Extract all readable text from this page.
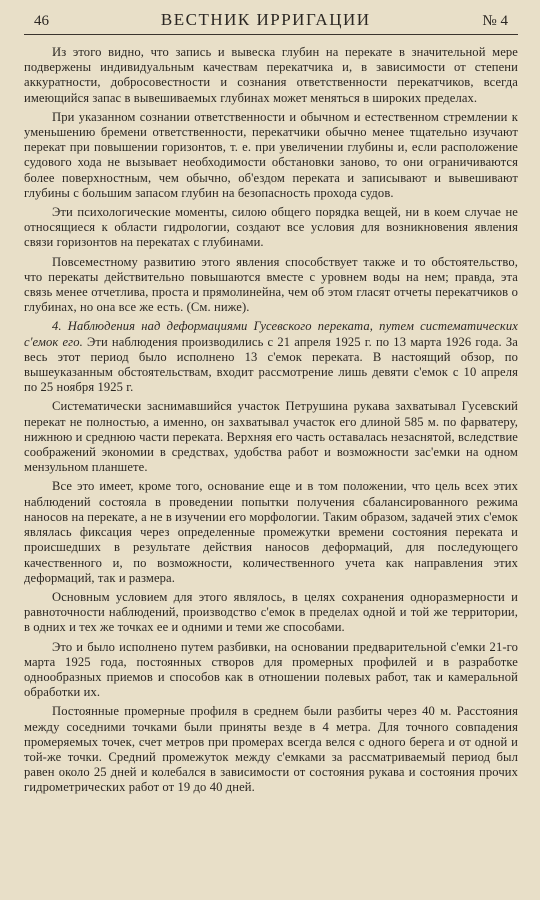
46	ВЕСТНИК ИРРИГАЦИИ	№ 4

Из этого видно, что запись и вывеска глубин на перекате в значительной мере подвержены индивидуальным качествам перекатчика и, в зависимости от степени аккуратности, добросовестности и сознания ответственности перекатчиков, всегда имеющийся запас в вывешиваемых глубинах может меняться в широких пределах.

При указанном сознании ответственности и обычном и естественном стремлении к уменьшению бремени ответственности, перекатчики обычно менее тщательно изучают перекат при повышении горизонтов, т. е. при увеличении глубины и, если расположение судового хода не вызывает необходимости обстановки заново, то они ограничиваются более поверхностным, чем обычно, об'ездом переката и записывают и вывешивают глубины с большим запасом глубин на безопасность прохода судов.

Эти психологические моменты, силою общего порядка вещей, ни в коем случае не относящиеся к области гидрологии, создают все условия для возникновения явления связи горизонтов на перекатах с глубинами.

Повсеместному развитию этого явления способствует также и то обстоятельство, что перекаты действительно повышаются вместе с уровнем воды на нем; правда, эта связь менее отчетлива, проста и прямолинейна, чем об этом гласят отчеты перекатчиков о глубинах, но она все же есть. (См. ниже).

4. Наблюдения над деформациями Гусевского переката, путем систематических с'емок его. Эти наблюдения производились с 21 апреля 1925 г. по 13 марта 1926 года. За весь этот период было исполнено 13 с'емок переката. В настоящий обзор, по вышеуказанным обстоятельствам, входит рассмотрение лишь девяти с'емок с 10 апреля по 25 ноября 1925 г.

Систематически заснимавшийся участок Петрушина рукава захватывал Гусевский перекат не полностью, а именно, он захватывал участок его длиной 585 м. по фарватеру, нижнюю и среднюю части переката. Верхняя его часть оставалась незаснятой, вследствие соображений экономии в средствах, удобства работ и возможности зас'емки на одном мензульном планшете.

Все это имеет, кроме того, основание еще и в том положении, что цель всех этих наблюдений состояла в проведении попытки получения сбалансированного режима наносов на перекате, а не в изучении его морфологии. Таким образом, задачей этих с'емок являлась фиксация через определенные промежутки времени состояния переката и происшедших в результате действия наносов деформаций, для последующего качественного и, по возможности, количественного учета как направления этих деформаций, так и размера.

Основным условием для этого являлось, в целях сохранения одноразмерности и равноточности наблюдений, производство с'емок в пределах одной и той же территории, в одних и тех же точках ее и одними и теми же способами.

Это и было исполнено путем разбивки, на основании предварительной с'емки 21-го марта 1925 года, постоянных створов для промерных профилей и в разработке однообразных приемов и способов как в отношении полевых работ, так и камеральной обработки их.

Постоянные промерные профиля в среднем были разбиты через 40 м. Расстояния между соседними точками были приняты везде в 4 метра. Для точного совпадения промеряемых точек, счет метров при промерах всегда велся с одного берега и от одной и той-же точки. Средний промежуток между с'емками за рассматриваемый период был равен около 25 дней и колебался в зависимости от состояния рукава и состояния прочих гидрометрических работ от 19 до 40 дней.
